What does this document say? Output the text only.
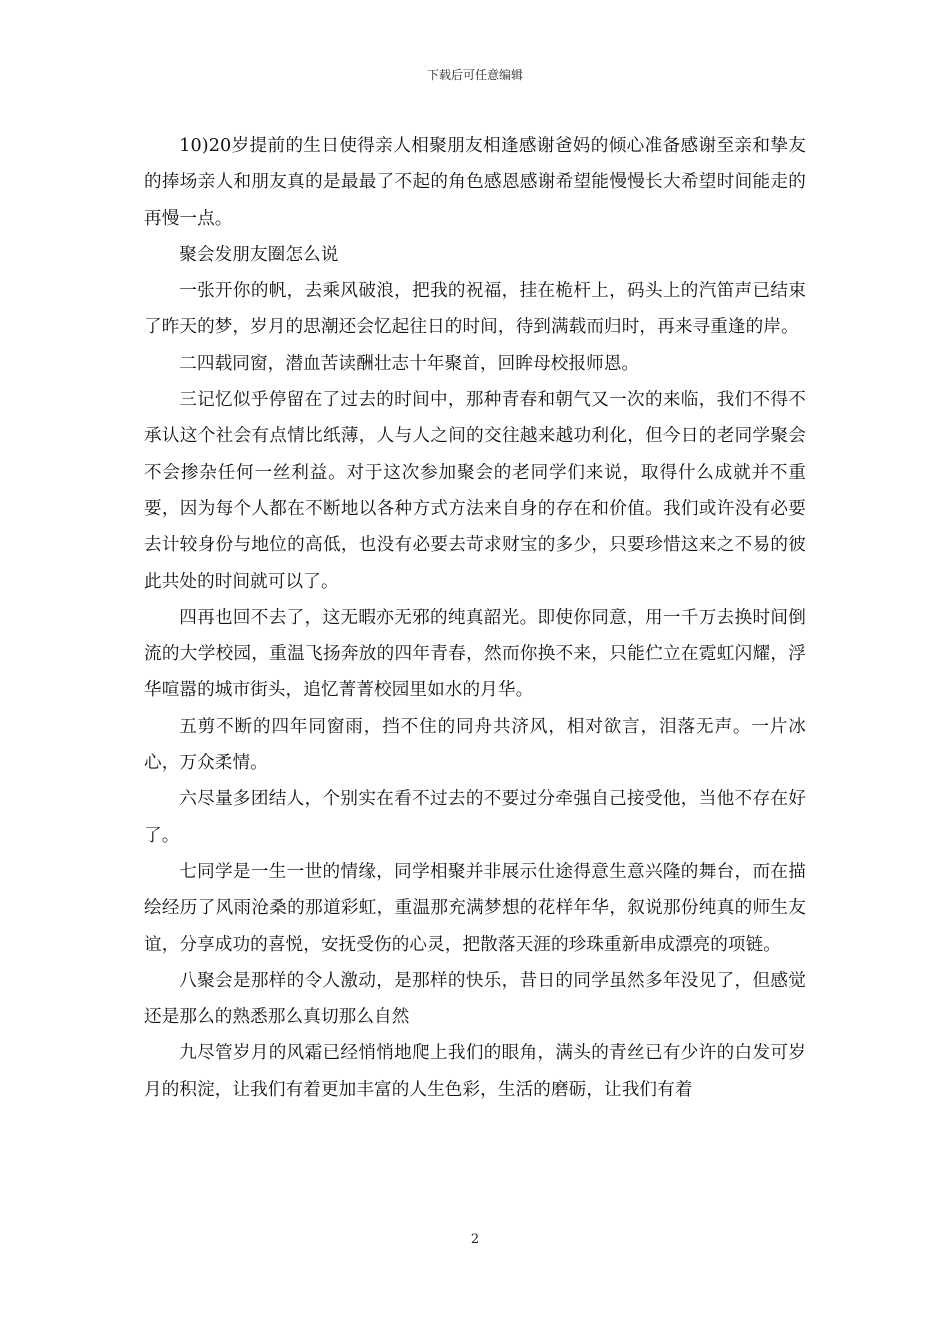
下载后可任意编辑

10)20岁提前的生日使得亲人相聚朋友相逢感谢爸妈的倾心准备感谢至亲和挚友的捧场亲人和朋友真的是最最了不起的角色感恩感谢希望能慢慢长大希望时间能走的再慢一点。

聚会发朋友圈怎么说

一张开你的帆，去乘风破浪，把我的祝福，挂在桅杆上，码头上的汽笛声已结束了昨天的梦，岁月的思潮还会忆起往日的时间，待到满载而归时，再来寻重逢的岸。

二四载同窗，潜血苦读酬壮志十年聚首，回眸母校报师恩。

三记忆似乎停留在了过去的时间中，那种青春和朝气又一次的来临，我们不得不承认这个社会有点情比纸薄，人与人之间的交往越来越功利化，但今日的老同学聚会不会掺杂任何一丝利益。对于这次参加聚会的老同学们来说，取得什么成就并不重要，因为每个人都在不断地以各种方式方法来自身的存在和价值。我们或许没有必要去计较身份与地位的高低，也没有必要去苛求财宝的多少，只要珍惜这来之不易的彼此共处的时间就可以了。

四再也回不去了，这无暇亦无邪的纯真韶光。即使你同意，用一千万去换时间倒流的大学校园，重温飞扬奔放的四年青春，然而你换不来，只能伫立在霓虹闪耀，浮华喧嚣的城市街头，追忆菁菁校园里如水的月华。

五剪不断的四年同窗雨，挡不住的同舟共济风，相对欲言，泪落无声。一片冰心，万众柔情。

六尽量多团结人，个别实在看不过去的不要过分牵强自己接受他，当他不存在好了。

七同学是一生一世的情缘，同学相聚并非展示仕途得意生意兴隆的舞台，而在描绘经历了风雨沧桑的那道彩虹，重温那充满梦想的花样年华，叙说那份纯真的师生友谊，分享成功的喜悦，安抚受伤的心灵，把散落天涯的珍珠重新串成漂亮的项链。

八聚会是那样的令人激动，是那样的快乐，昔日的同学虽然多年没见了，但感觉还是那么的熟悉那么真切那么自然

九尽管岁月的风霜已经悄悄地爬上我们的眼角，满头的青丝已有少许的白发可岁月的积淀，让我们有着更加丰富的人生色彩，生活的磨砺，让我们有着

2
